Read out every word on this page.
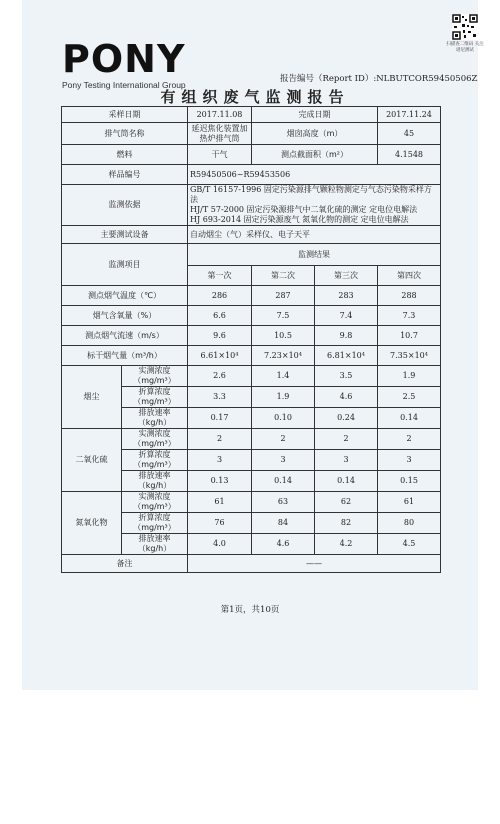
PONY
Pony Testing International Group
扫描查二维码 关注谱尼测试
报告编号（Report ID）:NLBUTCOR59450506Z
有组织废气监测报告
采样日期		2017.11.08	完成日期		2017.11.24
排气筒名称		延迟焦化装置加热炉排气筒	烟囱高度（m）		45
燃料		干气	测点截面积（m²）		4.1548
样品编号		R59450506~R59453506			
监测依据		GB/T 16157-1996 固定污染源排气颗粒物测定与气态污染物采样方法
HJ/T 57-2000 固定污染源排气中二氧化硫的测定 定电位电解法
HJ 693-2014 固定污染源废气 氮氧化物的测定 定电位电解法			

主要测试设备		自动烟尘（气）采样仪、电子天平			
监测项目		监测结果			
		第一次	第二次	第三次	第四次
测点烟气温度（℃）		286	287	283	288
烟气含氧量（%）		6.6	7.5	7.4	7.3
测点烟气流速（m/s）		9.6	10.5	9.8	10.7
标干烟气量（m³/h）		6.61×10⁴	7.23×10⁴	6.81×10⁴	7.35×10⁴
烟尘	实测浓度（mg/m³）	2.6	1.4	3.5	1.9
	折算浓度（mg/m³）	3.3	1.9	4.6	2.5
	排放速率（kg/h）	0.17	0.10	0.24	0.14
二氧化硫	实测浓度（mg/m³）	2	2	2	2
	折算浓度（mg/m³）	3	3	3	3
	排放速率（kg/h）	0.13	0.14	0.14	0.15
氮氧化物	实测浓度（mg/m³）	61	63	62	61
	折算浓度（mg/m³）	76	84	82	80
	排放速率（kg/h）	4.0	4.6	4.2	4.5
备注		——			
第1页，共10页
